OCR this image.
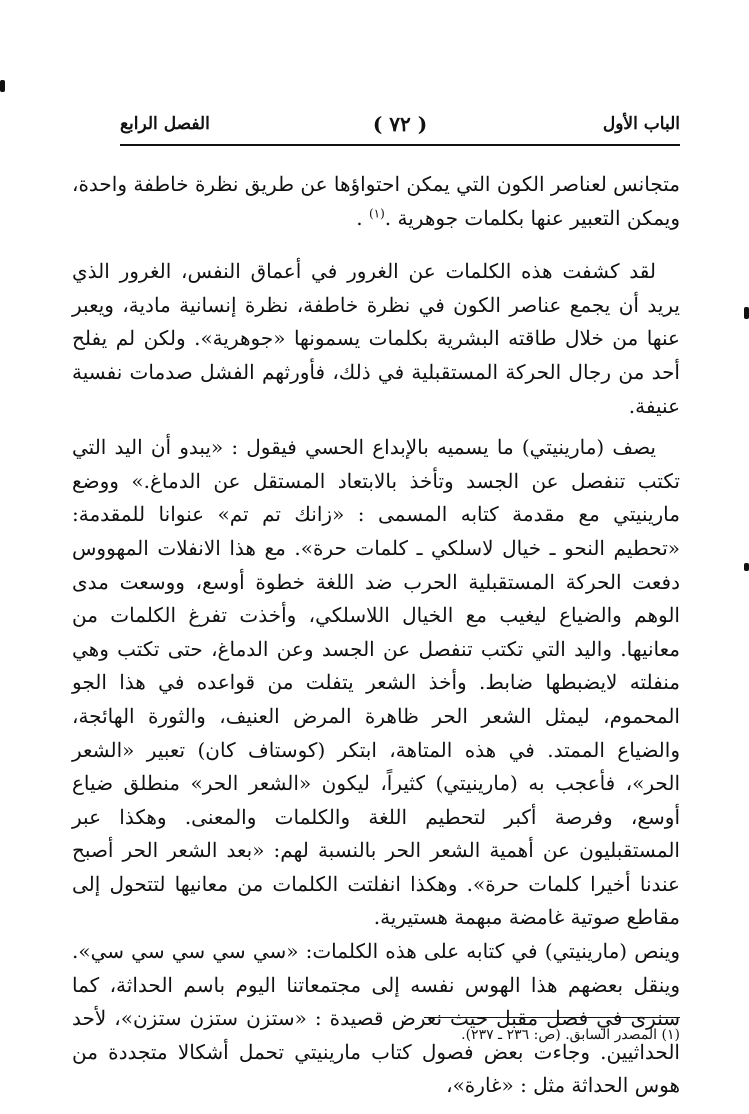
الباب الأول
( ٧٢ )
الفصل الرابع

متجانس لعناصر الكون التي يمكن احتواؤها عن طريق نظرة خاطفة واحدة، ويمكن التعبير عنها بكلمات جوهرية .$^{(١)}$ .

لقد كشفت هذه الكلمات عن الغرور في أعماق النفس، الغرور الذي يريد أن يجمع عناصر الكون في نظرة خاطفة، نظرة إنسانية مادية، ويعبر عنها من خلال طاقته البشرية بكلمات يسمونها «جوهرية». ولكن لم يفلح أحد من رجال الحركة المستقبلية في ذلك، فأورثهم الفشل صدمات نفسية عنيفة.

يصف (مارينيتي) ما يسميه بالإبداع الحسي فيقول : «يبدو أن اليد التي تكتب تنفصل عن الجسد وتأخذ بالابتعاد المستقل عن الدماغ.» ووضع مارينيتي مع مقدمة كتابه المسمى : «زانك تم تم» عنوانا للمقدمة: «تحطيم النحو ـ خيال لاسلكي ـ كلمات حرة». مع هذا الانفلات المهووس دفعت الحركة المستقبلية الحرب ضد اللغة خطوة أوسع، ووسعت مدى الوهم والضياع ليغيب مع الخيال اللاسلكي، وأخذت تفرغ الكلمات من معانيها. واليد التي تكتب تنفصل عن الجسد وعن الدماغ، حتى تكتب وهي منفلته لايضبطها ضابط. وأخذ الشعر يتفلت من قواعده في هذا الجو المحموم، ليمثل الشعر الحر ظاهرة المرض العنيف، والثورة الهائجة، والضياع الممتد. في هذه المتاهة، ابتكر (كوستاف كان) تعبير «الشعر الحر»، فأعجب به (مارينيتي) كثيراً، ليكون «الشعر الحر» منطلق ضياع أوسع، وفرصة أكبر لتحطيم اللغة والكلمات والمعنى. وهكذا عبر المستقبليون عن أهمية الشعر الحر بالنسبة لهم: «بعد الشعر الحر أصبح عندنا أخيرا كلمات حرة». وهكذا انفلتت الكلمات من معانيها لتتحول إلى مقاطع صوتية غامضة مبهمة هستيرية.

وينص (مارينيتي) في كتابه على هذه الكلمات: «سي سي سي سي سي». وينقل بعضهم هذا الهوس نفسه إلى مجتمعاتنا اليوم باسم الحداثة، كما سنرى في فصل مقبل حيث نعرض قصيدة : «ستزن ستزن ستزن»، لأحد الحداثيين. وجاءت بعض فصول كتاب مارينيتي تحمل أشكالا متجددة من هوس الحداثة مثل : «غارة»،

(١) المصدر السابق. (ص: ٢٣٦ ـ ٢٣٧).
